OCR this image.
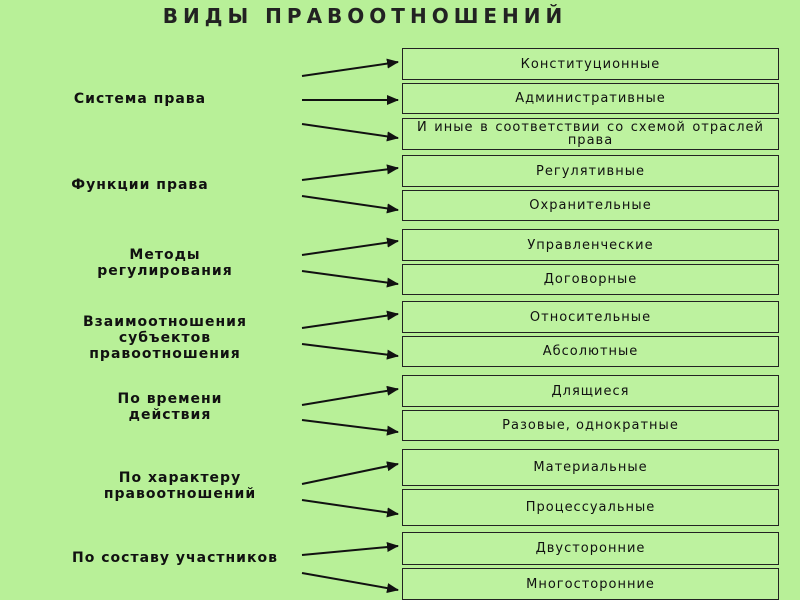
ВИДЫ ПРАВООТНОШЕНИЙ
Система права
Функции права
Методы регулирования
Взаимоотношения субъектов правоотношения
По времени действия
По характеру правоотношений
По составу участников
Конституционные
Административные
И иные в соответствии со схемой отраслей права
Регулятивные
Охранительные
Управленческие
Договорные
Относительные
Абсолютные
Длящиеся
Разовые, однократные
Материальные
Процессуальные
Двусторонние
Многосторонние
